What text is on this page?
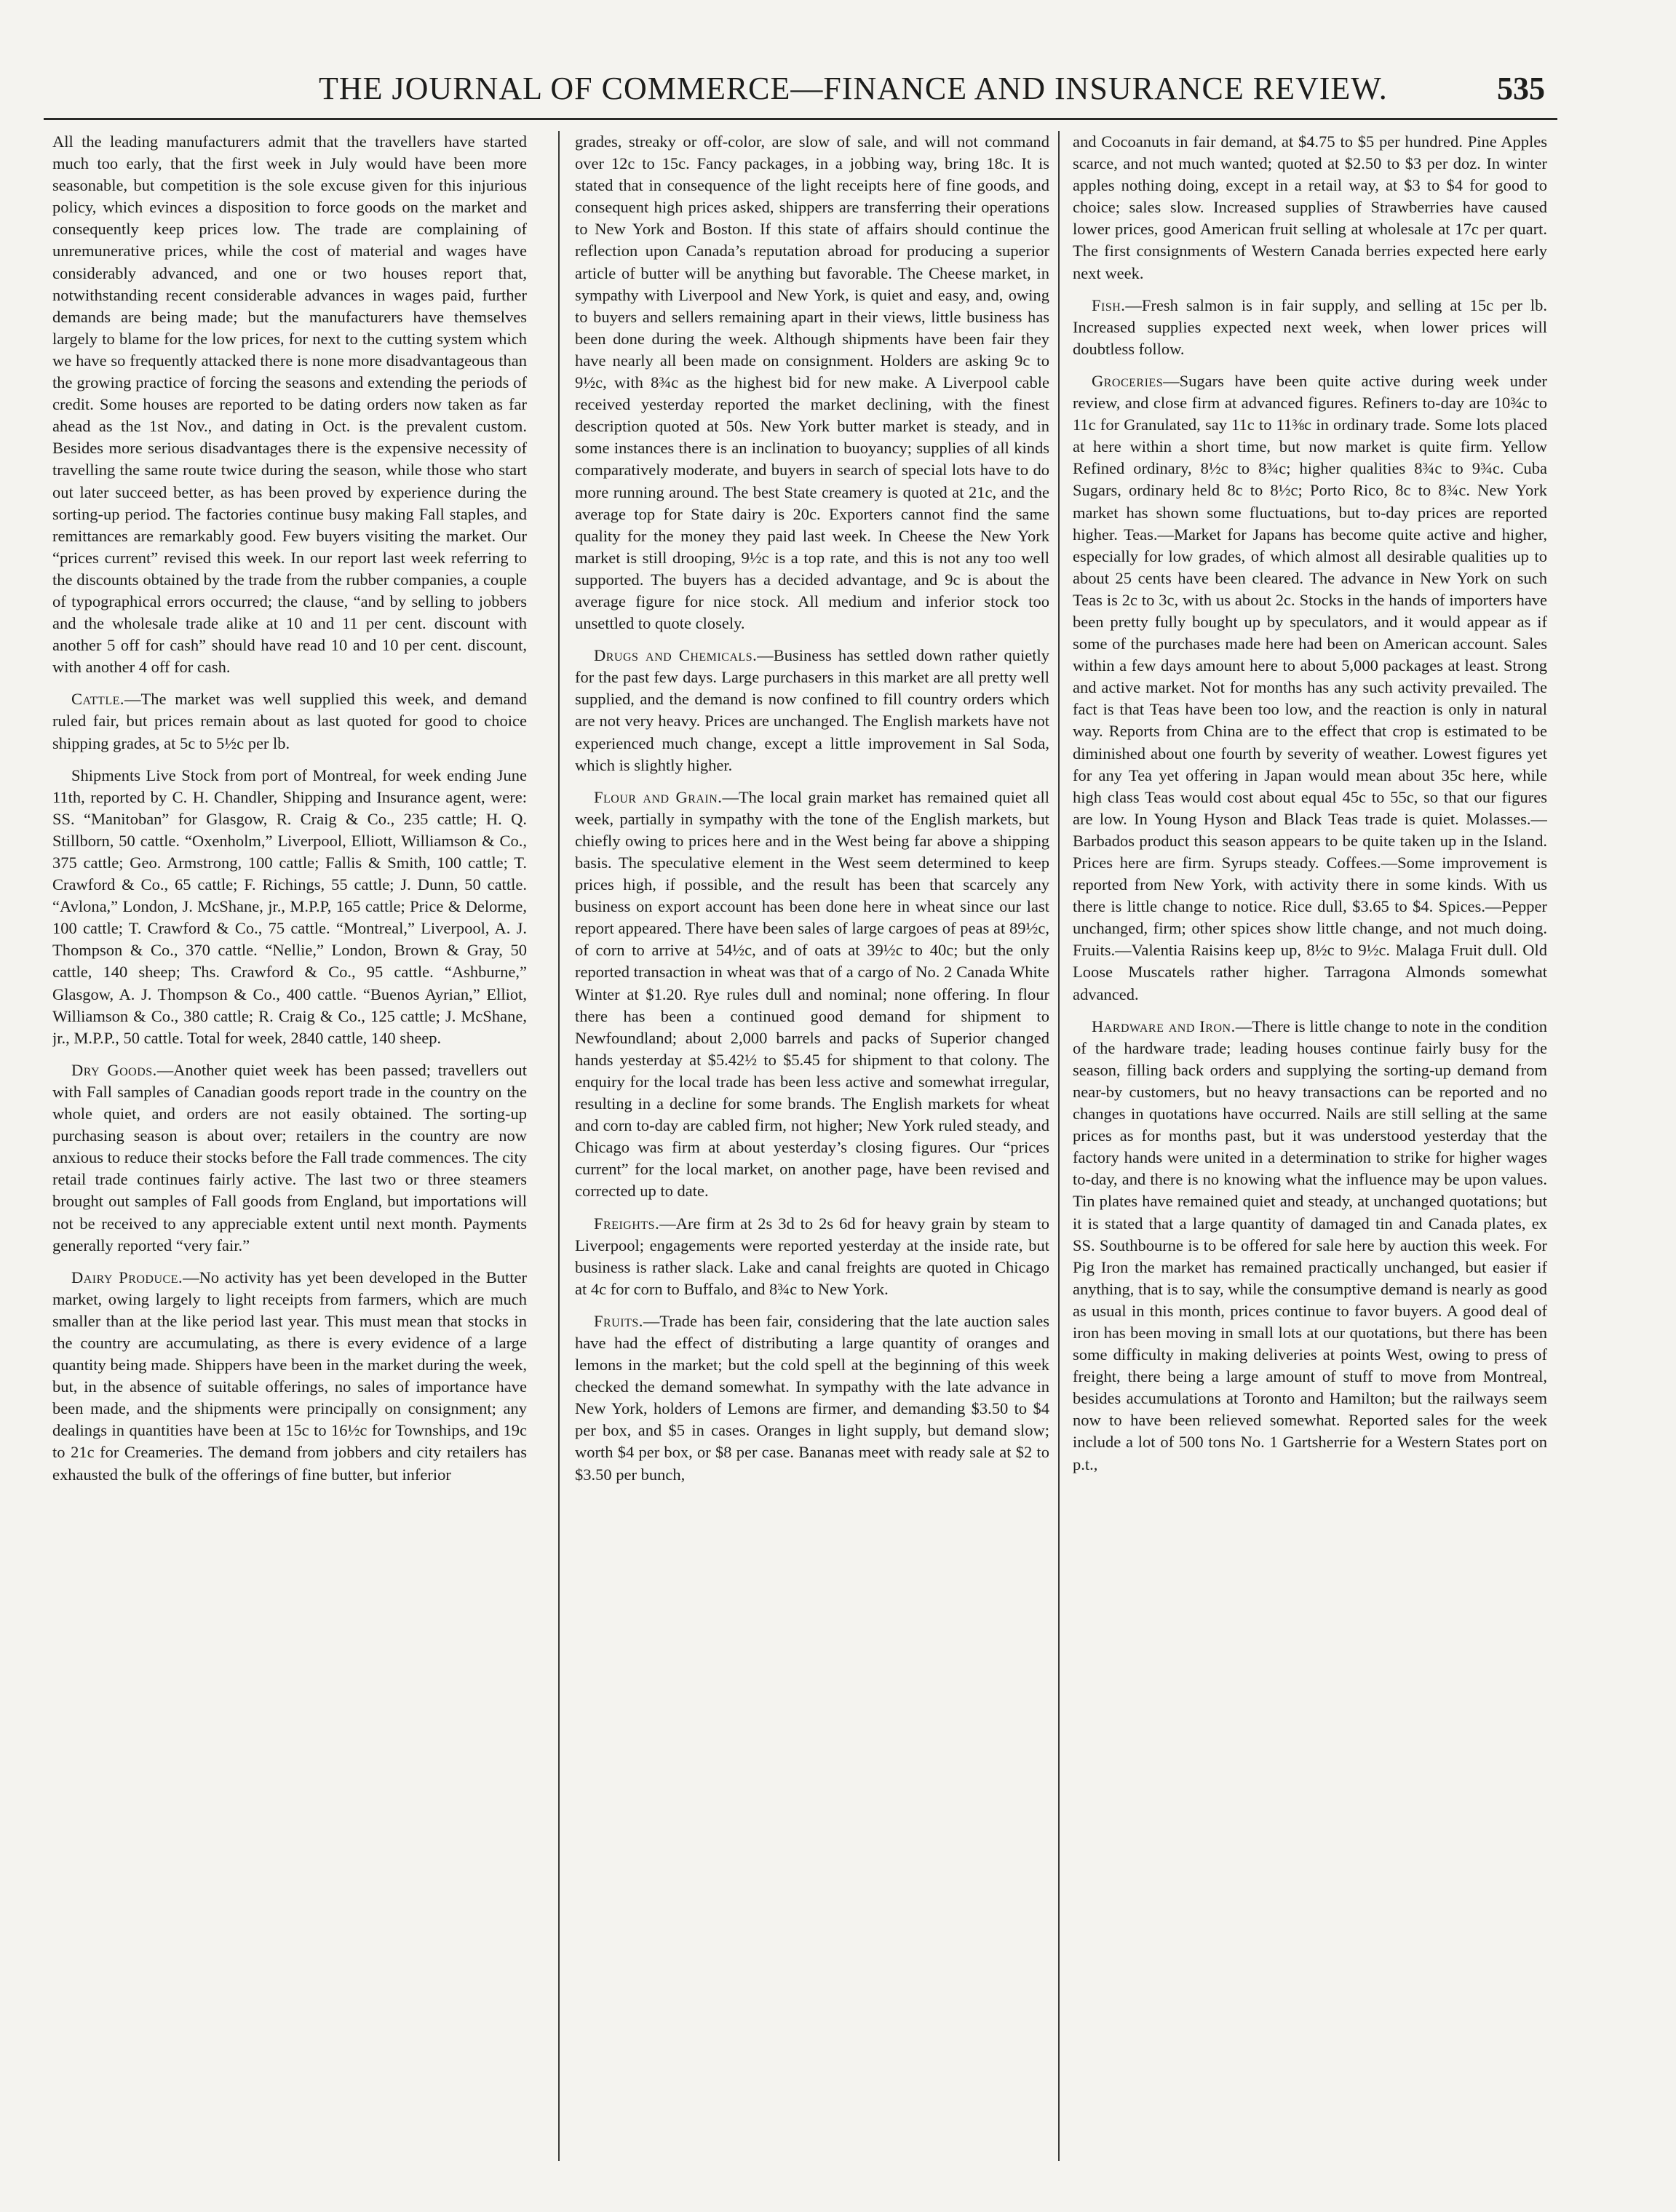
THE JOURNAL OF COMMERCE—FINANCE AND INSURANCE REVIEW.	535

All the leading manufacturers admit that the travellers have started much too early, that the first week in July would have been more seasonable, but competition is the sole excuse given for this injurious policy, which evinces a disposition to force goods on the market and consequently keep prices low. The trade are complaining of unremunerative prices, while the cost of material and wages have considerably advanced, and one or two houses report that, notwithstanding recent considerable advances in wages paid, further demands are being made; but the manufacturers have themselves largely to blame for the low prices, for next to the cutting system which we have so frequently attacked there is none more disadvantageous than the growing practice of forcing the seasons and extending the periods of credit. Some houses are reported to be dating orders now taken as far ahead as the 1st Nov., and dating in Oct. is the prevalent custom. Besides more serious disadvantages there is the expensive necessity of travelling the same route twice during the season, while those who start out later succeed better, as has been proved by experience during the sorting-up period. The factories continue busy making Fall staples, and remittances are remarkably good. Few buyers visiting the market. Our “prices current” revised this week. In our report last week referring to the discounts obtained by the trade from the rubber companies, a couple of typographical errors occurred; the clause, “and by selling to jobbers and the wholesale trade alike at 10 and 11 per cent. discount with another 5 off for cash” should have read 10 and 10 per cent. discount, with another 4 off for cash.

Cattle.—The market was well supplied this week, and demand ruled fair, but prices remain about as last quoted for good to choice shipping grades, at 5c to 5½c per lb.

Shipments Live Stock from port of Montreal, for week ending June 11th, reported by C. H. Chandler, Shipping and Insurance agent, were: SS. “Manitoban” for Glasgow, R. Craig & Co., 235 cattle; H. Q. Stillborn, 50 cattle. “Oxenholm,” Liverpool, Elliott, Williamson & Co., 375 cattle; Geo. Armstrong, 100 cattle; Fallis & Smith, 100 cattle; T. Crawford & Co., 65 cattle; F. Richings, 55 cattle; J. Dunn, 50 cattle. “Avlona,” London, J. McShane, jr., M.P.P, 165 cattle; Price & Delorme, 100 cattle; T. Crawford & Co., 75 cattle. “Montreal,” Liverpool, A. J. Thompson & Co., 370 cattle. “Nellie,” London, Brown & Gray, 50 cattle, 140 sheep; Ths. Crawford & Co., 95 cattle. “Ashburne,” Glasgow, A. J. Thompson & Co., 400 cattle. “Buenos Ayrian,” Elliot, Williamson & Co., 380 cattle; R. Craig & Co., 125 cattle; J. McShane, jr., M.P.P., 50 cattle. Total for week, 2840 cattle, 140 sheep.

Dry Goods.—Another quiet week has been passed; travellers out with Fall samples of Canadian goods report trade in the country on the whole quiet, and orders are not easily obtained. The sorting-up purchasing season is about over; retailers in the country are now anxious to reduce their stocks before the Fall trade commences. The city retail trade continues fairly active. The last two or three steamers brought out samples of Fall goods from England, but importations will not be received to any appreciable extent until next month. Payments generally reported “very fair.”

Dairy Produce.—No activity has yet been developed in the Butter market, owing largely to light receipts from farmers, which are much smaller than at the like period last year. This must mean that stocks in the country are accumulating, as there is every evidence of a large quantity being made. Shippers have been in the market during the week, but, in the absence of suitable offerings, no sales of importance have been made, and the shipments were principally on consignment; any dealings in quantities have been at 15c to 16½c for Townships, and 19c to 21c for Creameries. The demand from jobbers and city retailers has exhausted the bulk of the offerings of fine butter, but inferior

grades, streaky or off-color, are slow of sale, and will not command over 12c to 15c. Fancy packages, in a jobbing way, bring 18c. It is stated that in consequence of the light receipts here of fine goods, and consequent high prices asked, shippers are transferring their operations to New York and Boston. If this state of affairs should continue the reflection upon Canada’s reputation abroad for producing a superior article of butter will be anything but favorable. The Cheese market, in sympathy with Liverpool and New York, is quiet and easy, and, owing to buyers and sellers remaining apart in their views, little business has been done during the week. Although shipments have been fair they have nearly all been made on consignment. Holders are asking 9c to 9½c, with 8¾c as the highest bid for new make. A Liverpool cable received yesterday reported the market declining, with the finest description quoted at 50s. New York butter market is steady, and in some instances there is an inclination to buoyancy; supplies of all kinds comparatively moderate, and buyers in search of special lots have to do more running around. The best State creamery is quoted at 21c, and the average top for State dairy is 20c. Exporters cannot find the same quality for the money they paid last week. In Cheese the New York market is still drooping, 9½c is a top rate, and this is not any too well supported. The buyers has a decided advantage, and 9c is about the average figure for nice stock. All medium and inferior stock too unsettled to quote closely.

Drugs and Chemicals.—Business has settled down rather quietly for the past few days. Large purchasers in this market are all pretty well supplied, and the demand is now confined to fill country orders which are not very heavy. Prices are unchanged. The English markets have not experienced much change, except a little improvement in Sal Soda, which is slightly higher.

Flour and Grain.—The local grain market has remained quiet all week, partially in sympathy with the tone of the English markets, but chiefly owing to prices here and in the West being far above a shipping basis. The speculative element in the West seem determined to keep prices high, if possible, and the result has been that scarcely any business on export account has been done here in wheat since our last report appeared. There have been sales of large cargoes of peas at 89½c, of corn to arrive at 54½c, and of oats at 39½c to 40c; but the only reported transaction in wheat was that of a cargo of No. 2 Canada White Winter at $1.20. Rye rules dull and nominal; none offering. In flour there has been a continued good demand for shipment to Newfoundland; about 2,000 barrels and packs of Superior changed hands yesterday at $5.42½ to $5.45 for shipment to that colony. The enquiry for the local trade has been less active and somewhat irregular, resulting in a decline for some brands. The English markets for wheat and corn to-day are cabled firm, not higher; New York ruled steady, and Chicago was firm at about yesterday’s closing figures. Our “prices current” for the local market, on another page, have been revised and corrected up to date.

Freights.—Are firm at 2s 3d to 2s 6d for heavy grain by steam to Liverpool; engagements were reported yesterday at the inside rate, but business is rather slack. Lake and canal freights are quoted in Chicago at 4c for corn to Buffalo, and 8¾c to New York.

Fruits.—Trade has been fair, considering that the late auction sales have had the effect of distributing a large quantity of oranges and lemons in the market; but the cold spell at the beginning of this week checked the demand somewhat. In sympathy with the late advance in New York, holders of Lemons are firmer, and demanding $3.50 to $4 per box, and $5 in cases. Oranges in light supply, but demand slow; worth $4 per box, or $8 per case. Bananas meet with ready sale at $2 to $3.50 per bunch,

and Cocoanuts in fair demand, at $4.75 to $5 per hundred. Pine Apples scarce, and not much wanted; quoted at $2.50 to $3 per doz. In winter apples nothing doing, except in a retail way, at $3 to $4 for good to choice; sales slow. Increased supplies of Strawberries have caused lower prices, good American fruit selling at wholesale at 17c per quart. The first consignments of Western Canada berries expected here early next week.

Fish.—Fresh salmon is in fair supply, and selling at 15c per lb. Increased supplies expected next week, when lower prices will doubtless follow.

Groceries—Sugars have been quite active during week under review, and close firm at advanced figures. Refiners to-day are 10¾c to 11c for Granulated, say 11c to 11⅜c in ordinary trade. Some lots placed at here within a short time, but now market is quite firm. Yellow Refined ordinary, 8½c to 8¾c; higher qualities 8¾c to 9¾c. Cuba Sugars, ordinary held 8c to 8½c; Porto Rico, 8c to 8¾c. New York market has shown some fluctuations, but to-day prices are reported higher. Teas.—Market for Japans has become quite active and higher, especially for low grades, of which almost all desirable qualities up to about 25 cents have been cleared. The advance in New York on such Teas is 2c to 3c, with us about 2c. Stocks in the hands of importers have been pretty fully bought up by speculators, and it would appear as if some of the purchases made here had been on American account. Sales within a few days amount here to about 5,000 packages at least. Strong and active market. Not for months has any such activity prevailed. The fact is that Teas have been too low, and the reaction is only in natural way. Reports from China are to the effect that crop is estimated to be diminished about one fourth by severity of weather. Lowest figures yet for any Tea yet offering in Japan would mean about 35c here, while high class Teas would cost about equal 45c to 55c, so that our figures are low. In Young Hyson and Black Teas trade is quiet. Molasses.—Barbados product this season appears to be quite taken up in the Island. Prices here are firm. Syrups steady. Coffees.—Some improvement is reported from New York, with activity there in some kinds. With us there is little change to notice. Rice dull, $3.65 to $4. Spices.—Pepper unchanged, firm; other spices show little change, and not much doing. Fruits.—Valentia Raisins keep up, 8½c to 9½c. Malaga Fruit dull. Old Loose Muscatels rather higher. Tarragona Almonds somewhat advanced.

Hardware and Iron.—There is little change to note in the condition of the hardware trade; leading houses continue fairly busy for the season, filling back orders and supplying the sorting-up demand from near-by customers, but no heavy transactions can be reported and no changes in quotations have occurred. Nails are still selling at the same prices as for months past, but it was understood yesterday that the factory hands were united in a determination to strike for higher wages to-day, and there is no knowing what the influence may be upon values. Tin plates have remained quiet and steady, at unchanged quotations; but it is stated that a large quantity of damaged tin and Canada plates, ex SS. Southbourne is to be offered for sale here by auction this week. For Pig Iron the market has remained practically unchanged, but easier if anything, that is to say, while the consumptive demand is nearly as good as usual in this month, prices continue to favor buyers. A good deal of iron has been moving in small lots at our quotations, but there has been some difficulty in making deliveries at points West, owing to press of freight, there being a large amount of stuff to move from Montreal, besides accumulations at Toronto and Hamilton; but the railways seem now to have been relieved somewhat. Reported sales for the week include a lot of 500 tons No. 1 Gartsherrie for a Western States port on p.t.,
